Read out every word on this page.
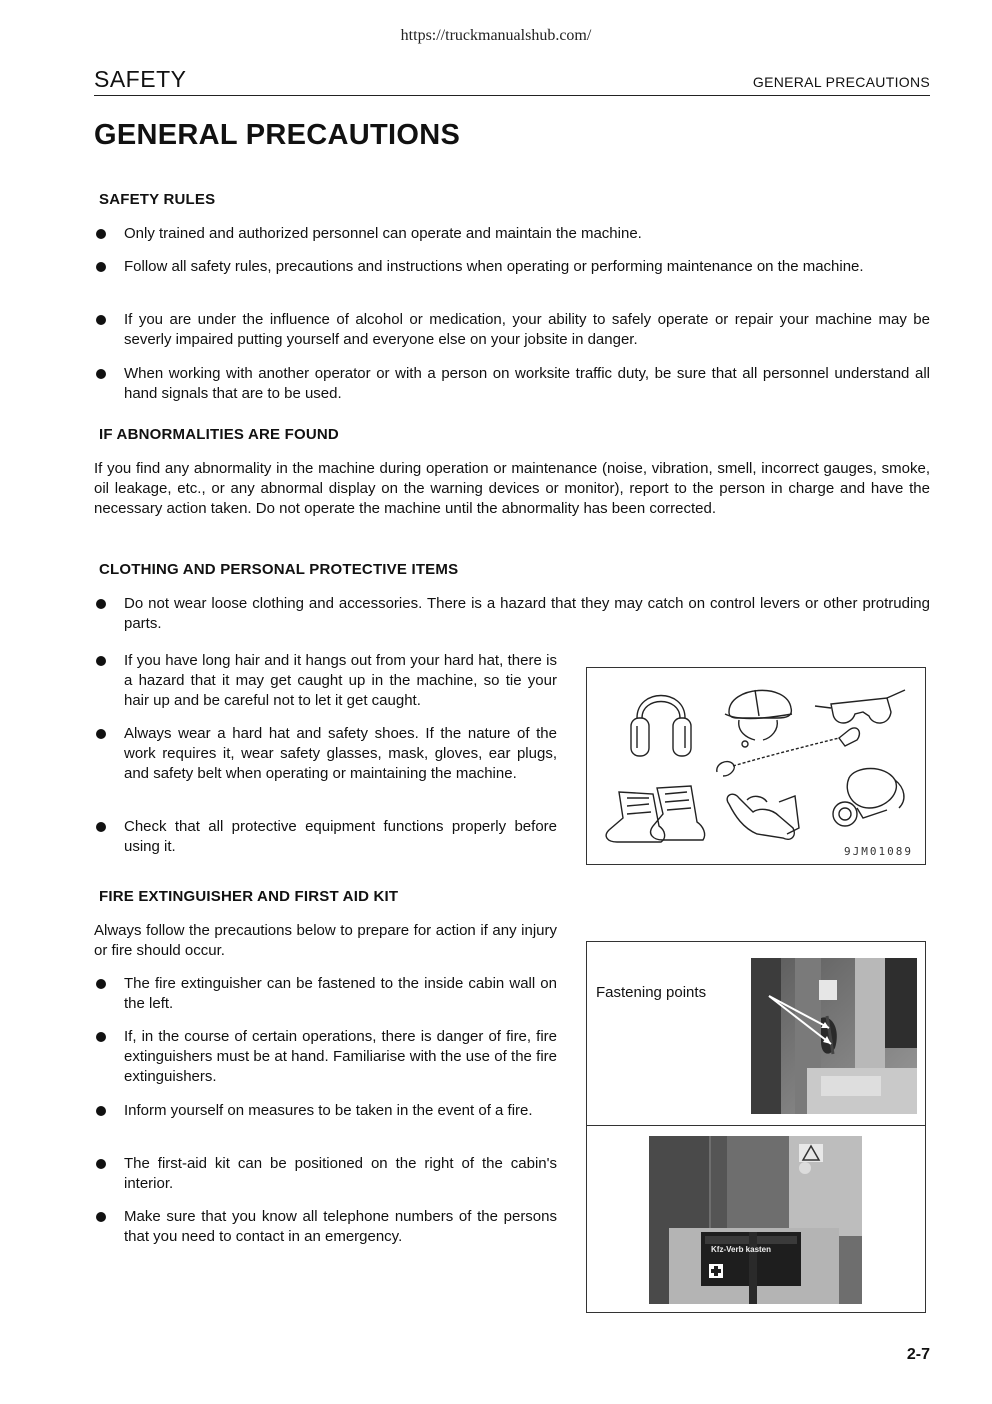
https://truckmanualshub.com/
SAFETY	GENERAL PRECAUTIONS
GENERAL PRECAUTIONS
SAFETY RULES
Only trained and authorized personnel can operate and maintain the machine.
Follow all safety rules, precautions and instructions when operating or performing maintenance on the machine.
If you are under the influence of alcohol or medication, your ability to safely operate or repair your machine may be severly impaired putting yourself and everyone else on your jobsite in danger.
When working with another operator or with a person on worksite traffic duty, be sure that all personnel understand all hand signals that are to be used.
IF ABNORMALITIES ARE FOUND

If you find any abnormality in the machine during operation or maintenance (noise, vibration, smell, incorrect gauges, smoke, oil leakage, etc., or any abnormal display on the warning devices or monitor), report to the person in charge and have the necessary action taken. Do not operate the machine until the abnormality has been corrected.

CLOTHING AND PERSONAL PROTECTIVE ITEMS
Do not wear loose clothing and accessories. There is a hazard that they may catch on control levers or other protruding parts.
If you have long hair and it hangs out from your hard hat, there is a hazard that it may get caught up in the machine, so tie your hair up and be careful not to let it get caught.
Always wear a hard hat and safety shoes. If the nature of the work requires it, wear safety glasses, mask, gloves, ear plugs, and safety belt when operating or maintaining the machine.
Check that all protective equipment functions properly before using it.	9JM01089
FIRE EXTINGUISHER AND FIRST AID KIT

Always follow the precautions below to prepare for action if any injury or fire should occur.

The fire extinguisher can be fastened to the inside cabin wall on the left.
If, in the course of certain operations, there is danger of fire, fire extinguishers must be at hand. Familiarise with the use of the fire extinguishers.
Inform yourself on measures to be taken in the event of a fire.
The first-aid kit can be positioned on the right of the cabin's interior.
Make sure that you know all telephone numbers of the persons that you need to contact in an emergency.
Fastening points
Kfz-Verb kasten
2-7
